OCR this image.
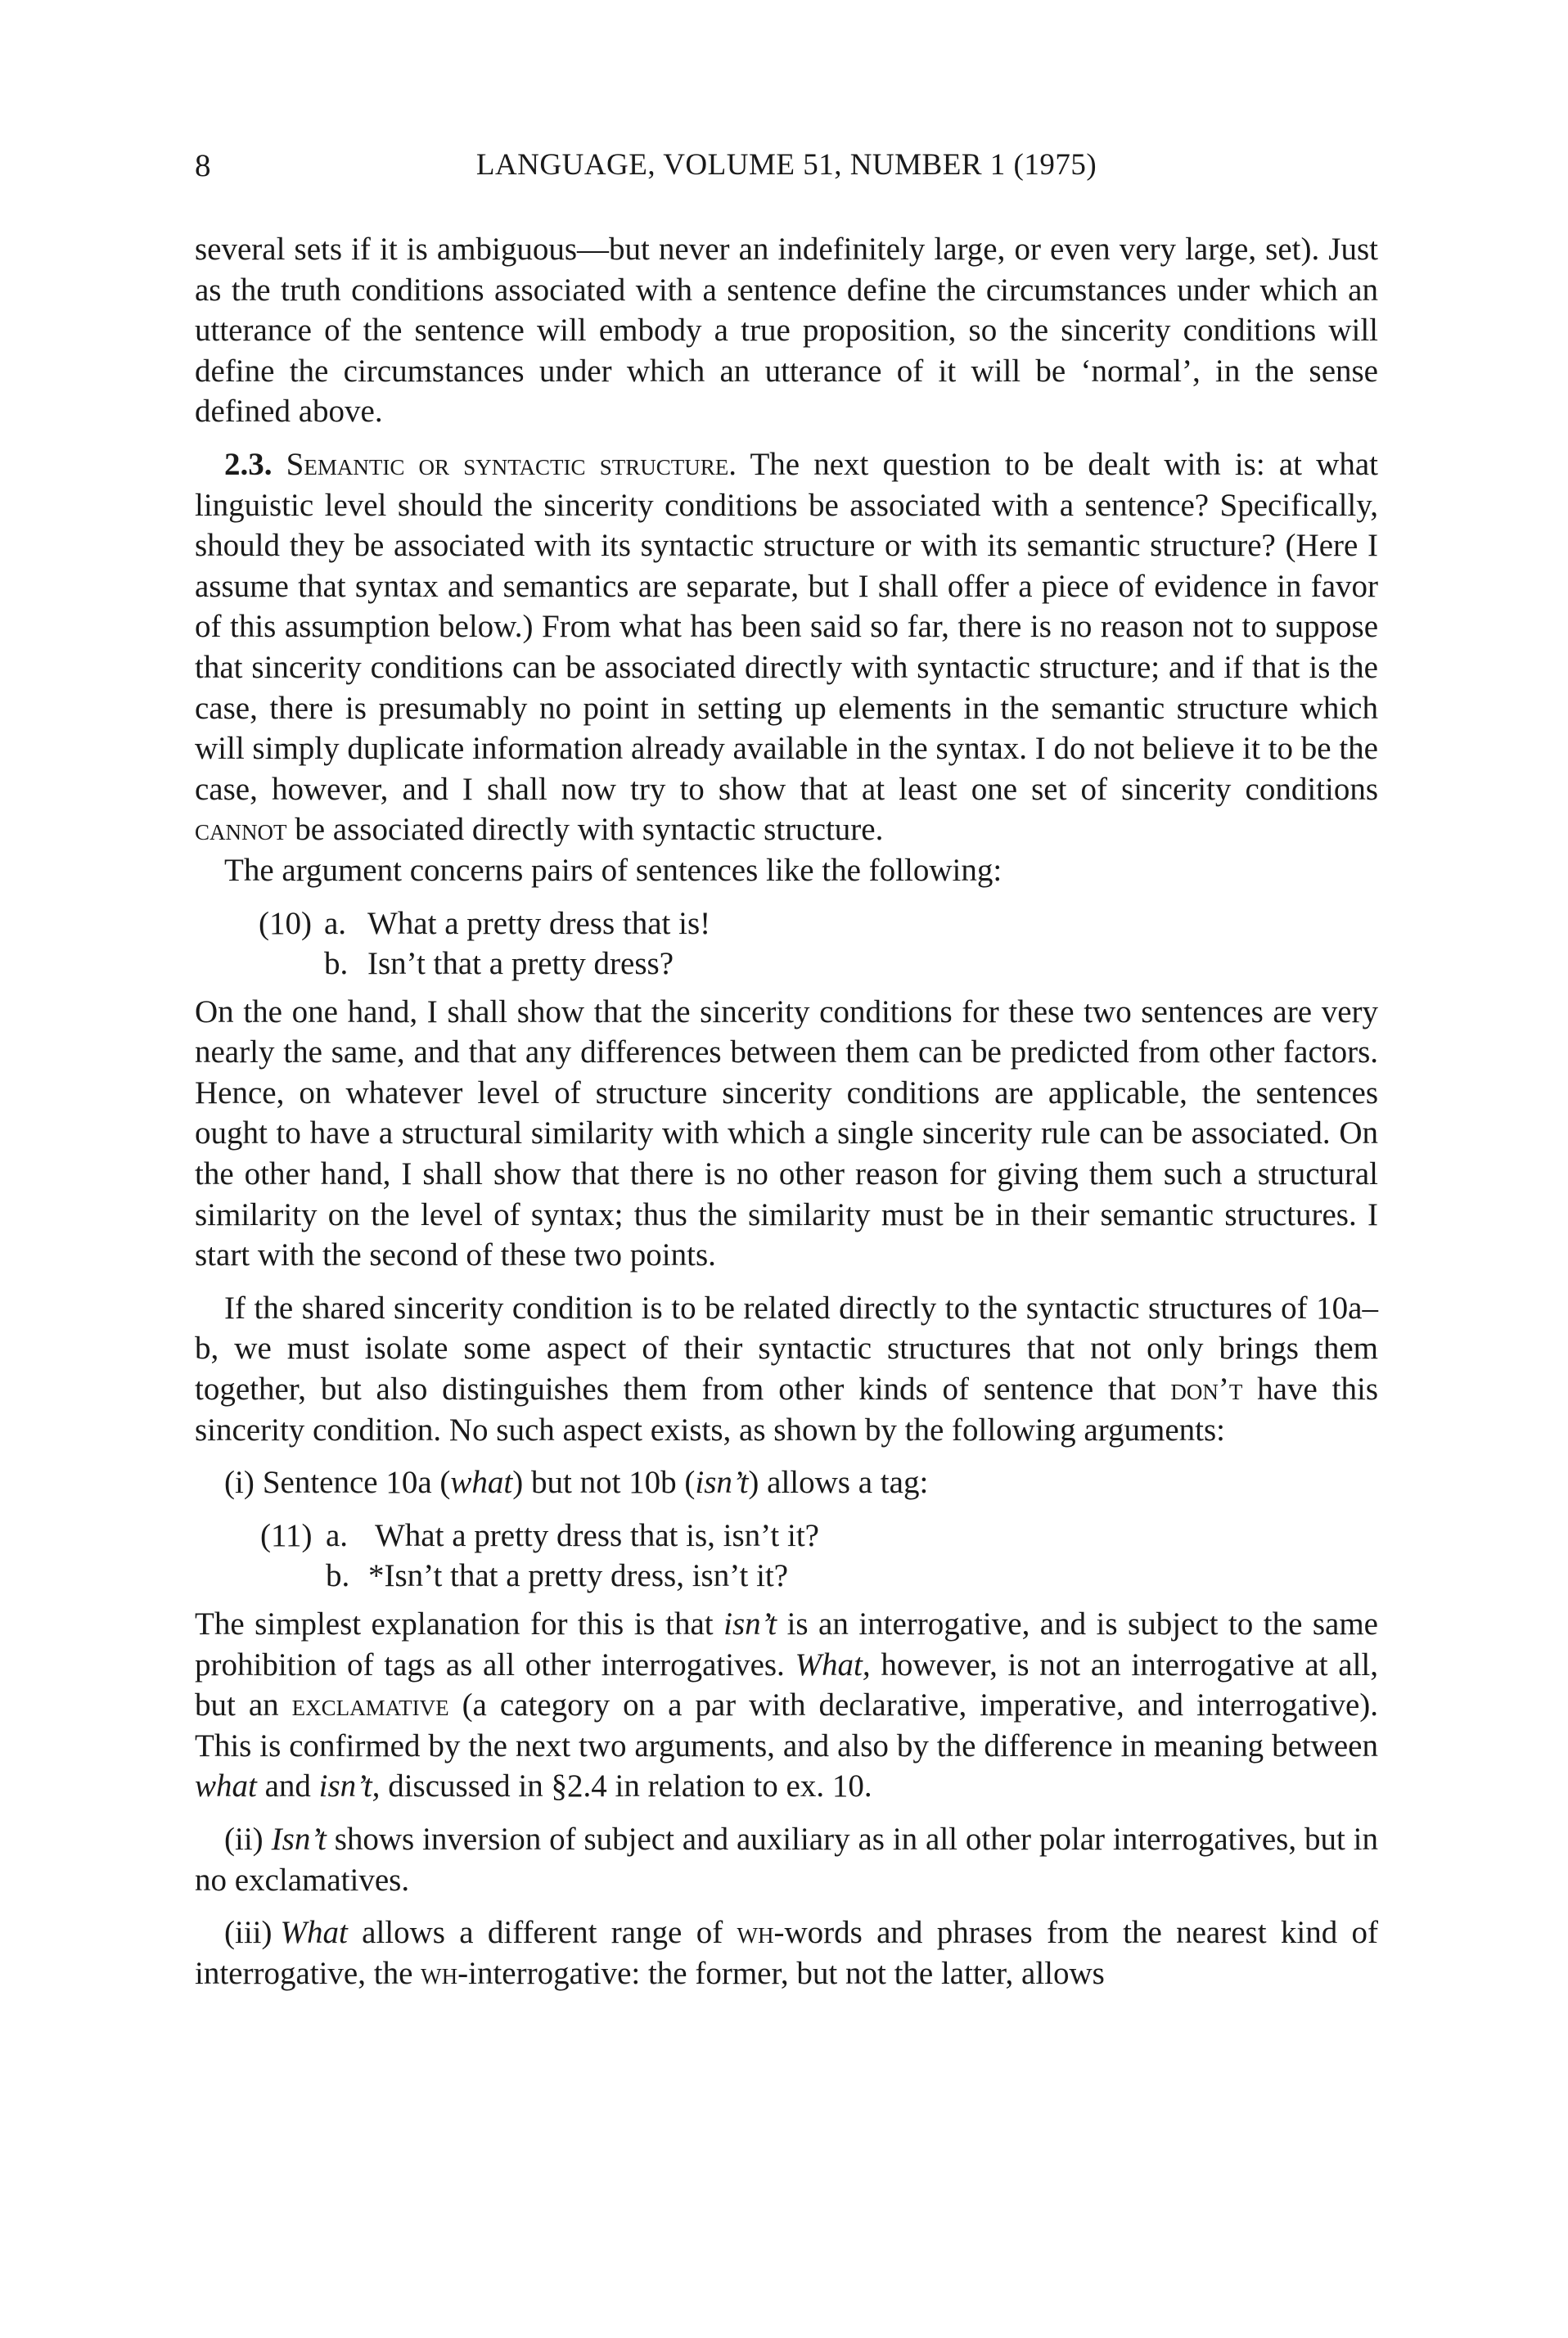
8	LANGUAGE, VOLUME 51, NUMBER 1 (1975)

several sets if it is ambiguous—but never an indefinitely large, or even very large, set). Just as the truth conditions associated with a sentence define the circumstances under which an utterance of the sentence will embody a true proposition, so the sincerity conditions will define the circumstances under which an utterance of it will be ‘normal’, in the sense defined above.

2.3. Semantic or syntactic structure. The next question to be dealt with is: at what linguistic level should the sincerity conditions be associated with a sentence? Specifically, should they be associated with its syntactic structure or with its semantic structure? (Here I assume that syntax and semantics are separate, but I shall offer a piece of evidence in favor of this assumption below.) From what has been said so far, there is no reason not to suppose that sincerity conditions can be associated directly with syntactic structure; and if that is the case, there is presumably no point in setting up elements in the semantic structure which will simply duplicate information already available in the syntax. I do not believe it to be the case, however, and I shall now try to show that at least one set of sincerity conditions cannot be associated directly with syntactic structure.

The argument concerns pairs of sentences like the following:

(10) a. What a pretty dress that is!
b. Isn’t that a pretty dress?

On the one hand, I shall show that the sincerity conditions for these two sentences are very nearly the same, and that any differences between them can be predicted from other factors. Hence, on whatever level of structure sincerity conditions are applicable, the sentences ought to have a structural similarity with which a single sincerity rule can be associated. On the other hand, I shall show that there is no other reason for giving them such a structural similarity on the level of syntax; thus the similarity must be in their semantic structures. I start with the second of these two points.

If the shared sincerity condition is to be related directly to the syntactic structures of 10a–b, we must isolate some aspect of their syntactic structures that not only brings them together, but also distinguishes them from other kinds of sentence that don’t have this sincerity condition. No such aspect exists, as shown by the following arguments:

(i) Sentence 10a (what) but not 10b (isn’t) allows a tag:

(11) a. What a pretty dress that is, isn’t it?
b. *Isn’t that a pretty dress, isn’t it?

The simplest explanation for this is that isn’t is an interrogative, and is subject to the same prohibition of tags as all other interrogatives. What, however, is not an interrogative at all, but an exclamative (a category on a par with declarative, imperative, and interrogative). This is confirmed by the next two arguments, and also by the difference in meaning between what and isn’t, discussed in §2.4 in relation to ex. 10.

(ii) Isn’t shows inversion of subject and auxiliary as in all other polar interrogatives, but in no exclamatives.

(iii) What allows a different range of wh-words and phrases from the nearest kind of interrogative, the wh-interrogative: the former, but not the latter, allows
